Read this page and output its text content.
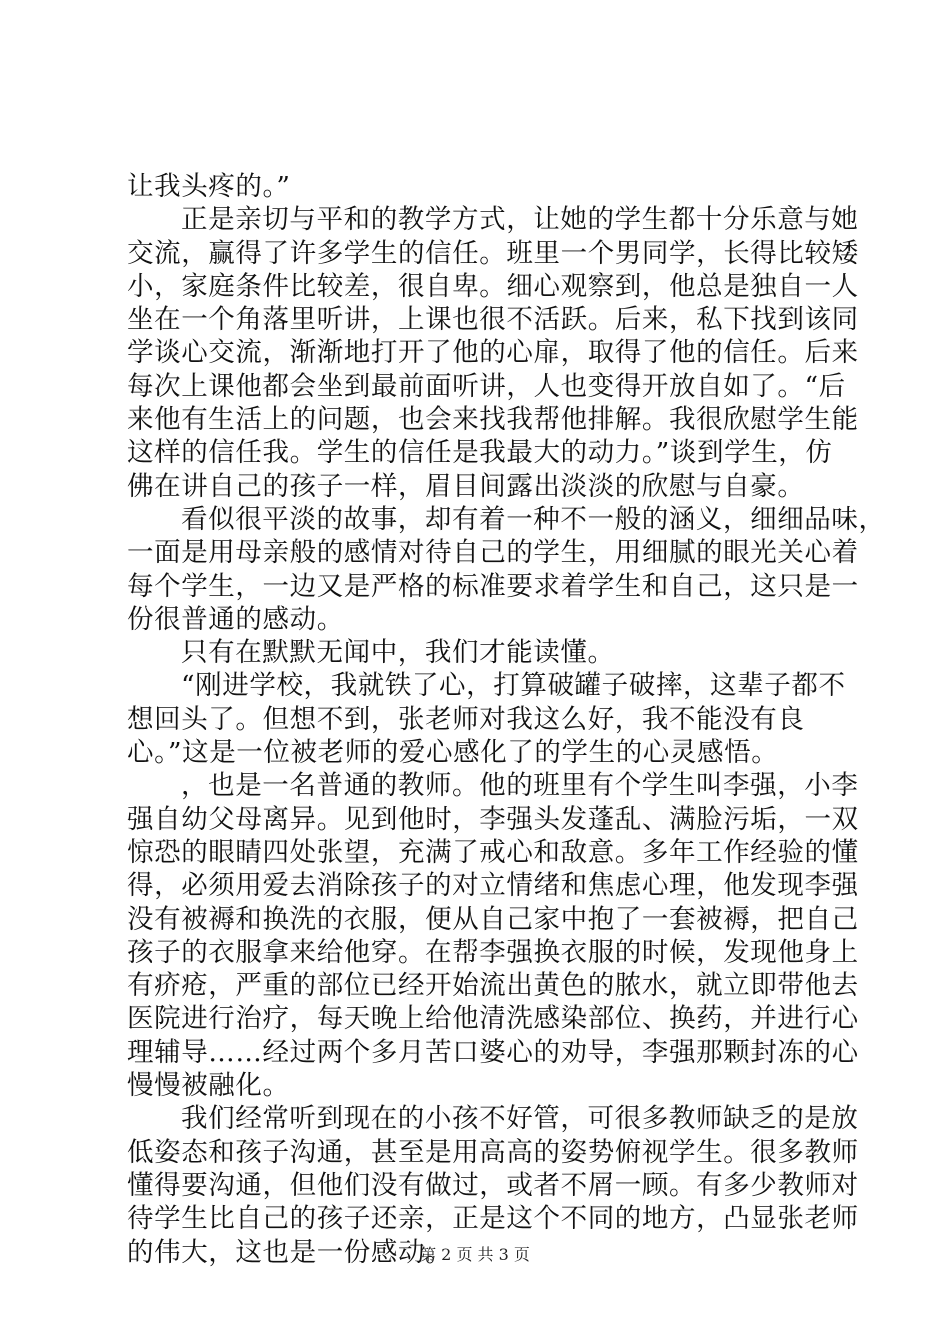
让我头疼的。”
正是亲切与平和的教学方式，让她的学生都十分乐意与她
交流，赢得了许多学生的信任。班里一个男同学，长得比较矮
小，家庭条件比较差，很自卑。细心观察到，他总是独自一人
坐在一个角落里听讲，上课也很不活跃。后来，私下找到该同
学谈心交流，渐渐地打开了他的心扉，取得了他的信任。后来
每次上课他都会坐到最前面听讲，人也变得开放自如了。“后
来他有生活上的问题，也会来找我帮他排解。我很欣慰学生能
这样的信任我。学生的信任是我最大的动力。”谈到学生，仿
佛在讲自己的孩子一样，眉目间露出淡淡的欣慰与自豪。
看似很平淡的故事，却有着一种不一般的涵义，细细品味，
一面是用母亲般的感情对待自己的学生，用细腻的眼光关心着
每个学生，一边又是严格的标准要求着学生和自己，这只是一
份很普通的感动。
只有在默默无闻中，我们才能读懂。
“刚进学校，我就铁了心，打算破罐子破摔，这辈子都不
想回头了。但想不到，张老师对我这么好，我不能没有良
心。”这是一位被老师的爱心感化了的学生的心灵感悟。
，也是一名普通的教师。他的班里有个学生叫李强，小李
强自幼父母离异。见到他时，李强头发蓬乱、满脸污垢，一双
惊恐的眼睛四处张望，充满了戒心和敌意。多年工作经验的懂
得，必须用爱去消除孩子的对立情绪和焦虑心理，他发现李强
没有被褥和换洗的衣服，便从自己家中抱了一套被褥，把自己
孩子的衣服拿来给他穿。在帮李强换衣服的时候，发现他身上
有疥疮，严重的部位已经开始流出黄色的脓水，就立即带他去
医院进行治疗，每天晚上给他清洗感染部位、换药，并进行心
理辅导……经过两个多月苦口婆心的劝导，李强那颗封冻的心
慢慢被融化。
我们经常听到现在的小孩不好管，可很多教师缺乏的是放
低姿态和孩子沟通，甚至是用高高的姿势俯视学生。很多教师
懂得要沟通，但他们没有做过，或者不屑一顾。有多少教师对
待学生比自己的孩子还亲，正是这个不同的地方，凸显张老师
的伟大，这也是一份感动。
第 2 页 共 3 页
